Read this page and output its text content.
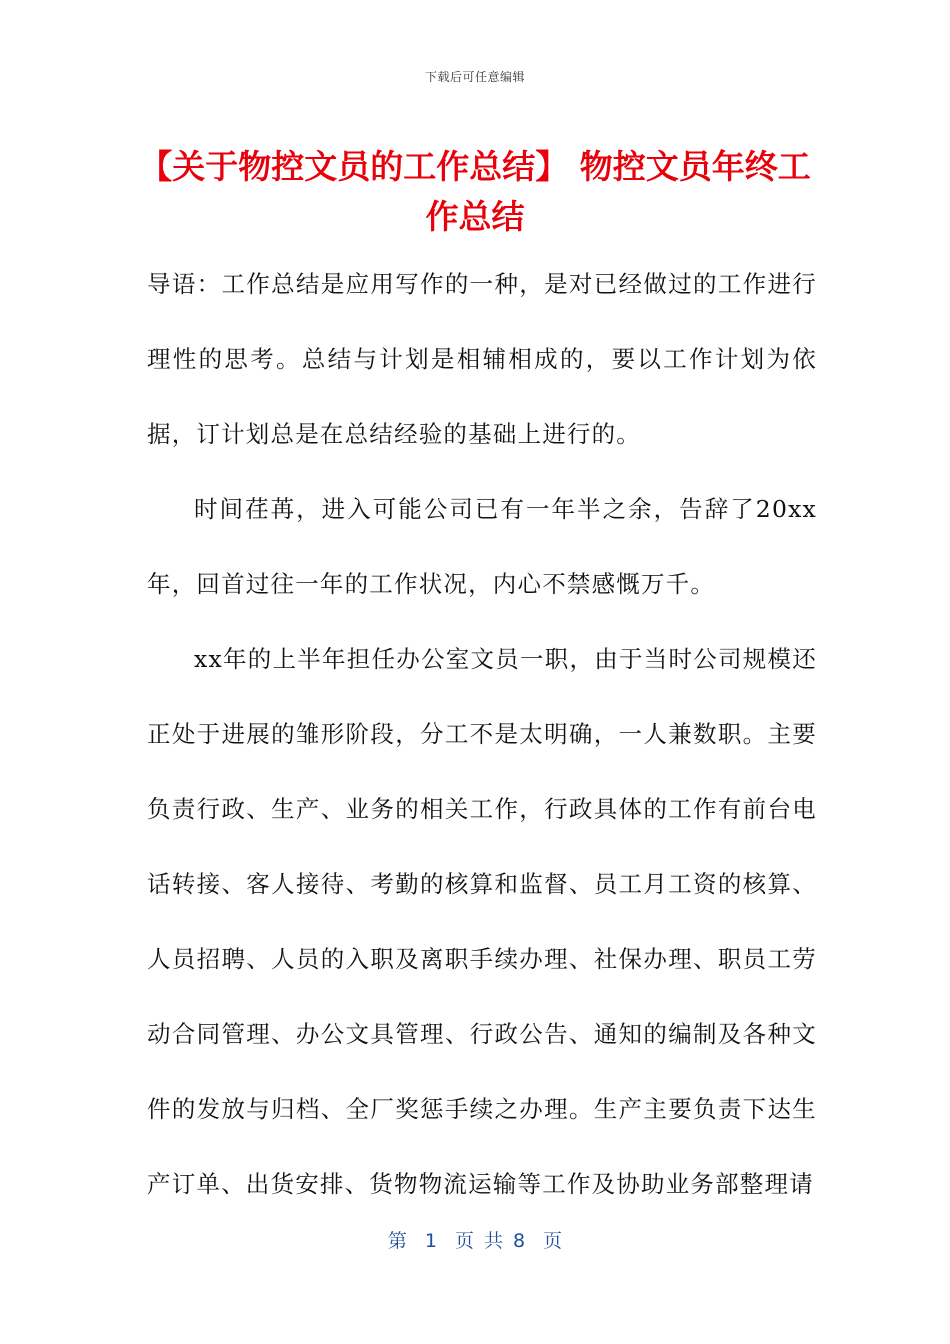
下载后可任意编辑
【关于物控文员的工作总结】 物控文员年终工作总结

导语：工作总结是应用写作的一种，是对已经做过的工作进行理性的思考。总结与计划是相辅相成的，要以工作计划为依据，订计划总是在总结经验的基础上进行的。

时间荏苒，进入可能公司已有一年半之余，告辞了20xx年，回首过往一年的工作状况，内心不禁感慨万千。

xx年的上半年担任办公室文员一职，由于当时公司规模还正处于进展的雏形阶段，分工不是太明确，一人兼数职。主要负责行政、生产、业务的相关工作，行政具体的工作有前台电话转接、客人接待、考勤的核算和监督、员工月工资的核算、人员招聘、人员的入职及离职手续办理、社保办理、职员工劳动合同管理、办公文具管理、行政公告、通知的编制及各种文件的发放与归档、全厂奖惩手续之办理。生产主要负责下达生产订单、出货安排、货物物流运输等工作及协助业务部整理请

第 1 页共8 页
